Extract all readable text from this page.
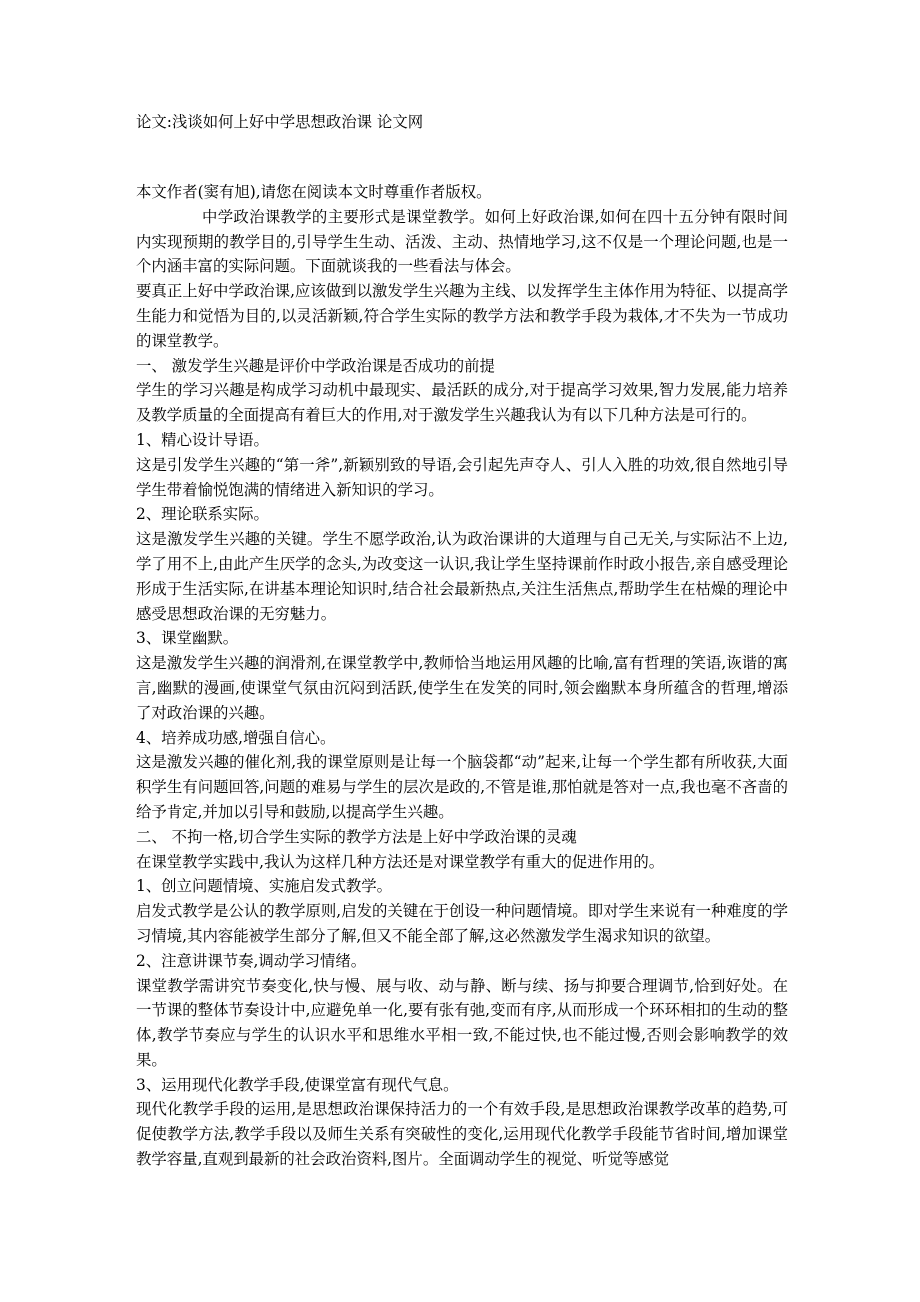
论文:浅谈如何上好中学思想政治课 论文网

本文作者(窦有旭),请您在阅读本文时尊重作者版权。

中学政治课教学的主要形式是课堂教学。如何上好政治课,如何在四十五分钟有限时间内实现预期的教学目的,引导学生生动、活泼、主动、热情地学习,这不仅是一个理论问题,也是一个内涵丰富的实际问题。下面就谈我的一些看法与体会。

要真正上好中学政治课,应该做到以激发学生兴趣为主线、以发挥学生主体作用为特征、以提高学生能力和觉悟为目的,以灵活新颖,符合学生实际的教学方法和教学手段为栽体,才不失为一节成功的课堂教学。

一、 激发学生兴趣是评价中学政治课是否成功的前提

学生的学习兴趣是构成学习动机中最现实、最活跃的成分,对于提高学习效果,智力发展,能力培养及教学质量的全面提高有着巨大的作用,对于激发学生兴趣我认为有以下几种方法是可行的。

1、精心设计导语。

这是引发学生兴趣的“第一斧”,新颖别致的导语,会引起先声夺人、引人入胜的功效,很自然地引导学生带着愉悦饱满的情绪进入新知识的学习。

2、理论联系实际。

这是激发学生兴趣的关键。学生不愿学政治,认为政治课讲的大道理与自己无关,与实际沾不上边,学了用不上,由此产生厌学的念头,为改变这一认识,我让学生坚持课前作时政小报告,亲自感受理论形成于生活实际,在讲基本理论知识时,结合社会最新热点,关注生活焦点,帮助学生在枯燥的理论中感受思想政治课的无穷魅力。

3、课堂幽默。

这是激发学生兴趣的润滑剂,在课堂教学中,教师恰当地运用风趣的比喻,富有哲理的笑语,诙谐的寓言,幽默的漫画,使课堂气氛由沉闷到活跃,使学生在发笑的同时,领会幽默本身所蕴含的哲理,增添了对政治课的兴趣。

4、培养成功感,增强自信心。

这是激发兴趣的催化剂,我的课堂原则是让每一个脑袋都“动”起来,让每一个学生都有所收获,大面积学生有问题回答,问题的难易与学生的层次是政的,不管是谁,那怕就是答对一点,我也毫不吝啬的给予肯定,并加以引导和鼓励,以提高学生兴趣。

二、 不拘一格,切合学生实际的教学方法是上好中学政治课的灵魂

在课堂教学实践中,我认为这样几种方法还是对课堂教学有重大的促进作用的。

1、创立问题情境、实施启发式教学。

启发式教学是公认的教学原则,启发的关键在于创设一种问题情境。即对学生来说有一种难度的学习情境,其内容能被学生部分了解,但又不能全部了解,这必然激发学生渴求知识的欲望。

2、注意讲课节奏,调动学习情绪。

课堂教学需讲究节奏变化,快与慢、展与收、动与静、断与续、扬与抑要合理调节,恰到好处。在一节课的整体节奏设计中,应避免单一化,要有张有弛,变而有序,从而形成一个环环相扣的生动的整体,教学节奏应与学生的认识水平和思维水平相一致,不能过快,也不能过慢,否则会影响教学的效果。

3、运用现代化教学手段,使课堂富有现代气息。

现代化教学手段的运用,是思想政治课保持活力的一个有效手段,是思想政治课教学改革的趋势,可促使教学方法,教学手段以及师生关系有突破性的变化,运用现代化教学手段能节省时间,增加课堂教学容量,直观到最新的社会政治资料,图片。全面调动学生的视觉、听觉等感觉
